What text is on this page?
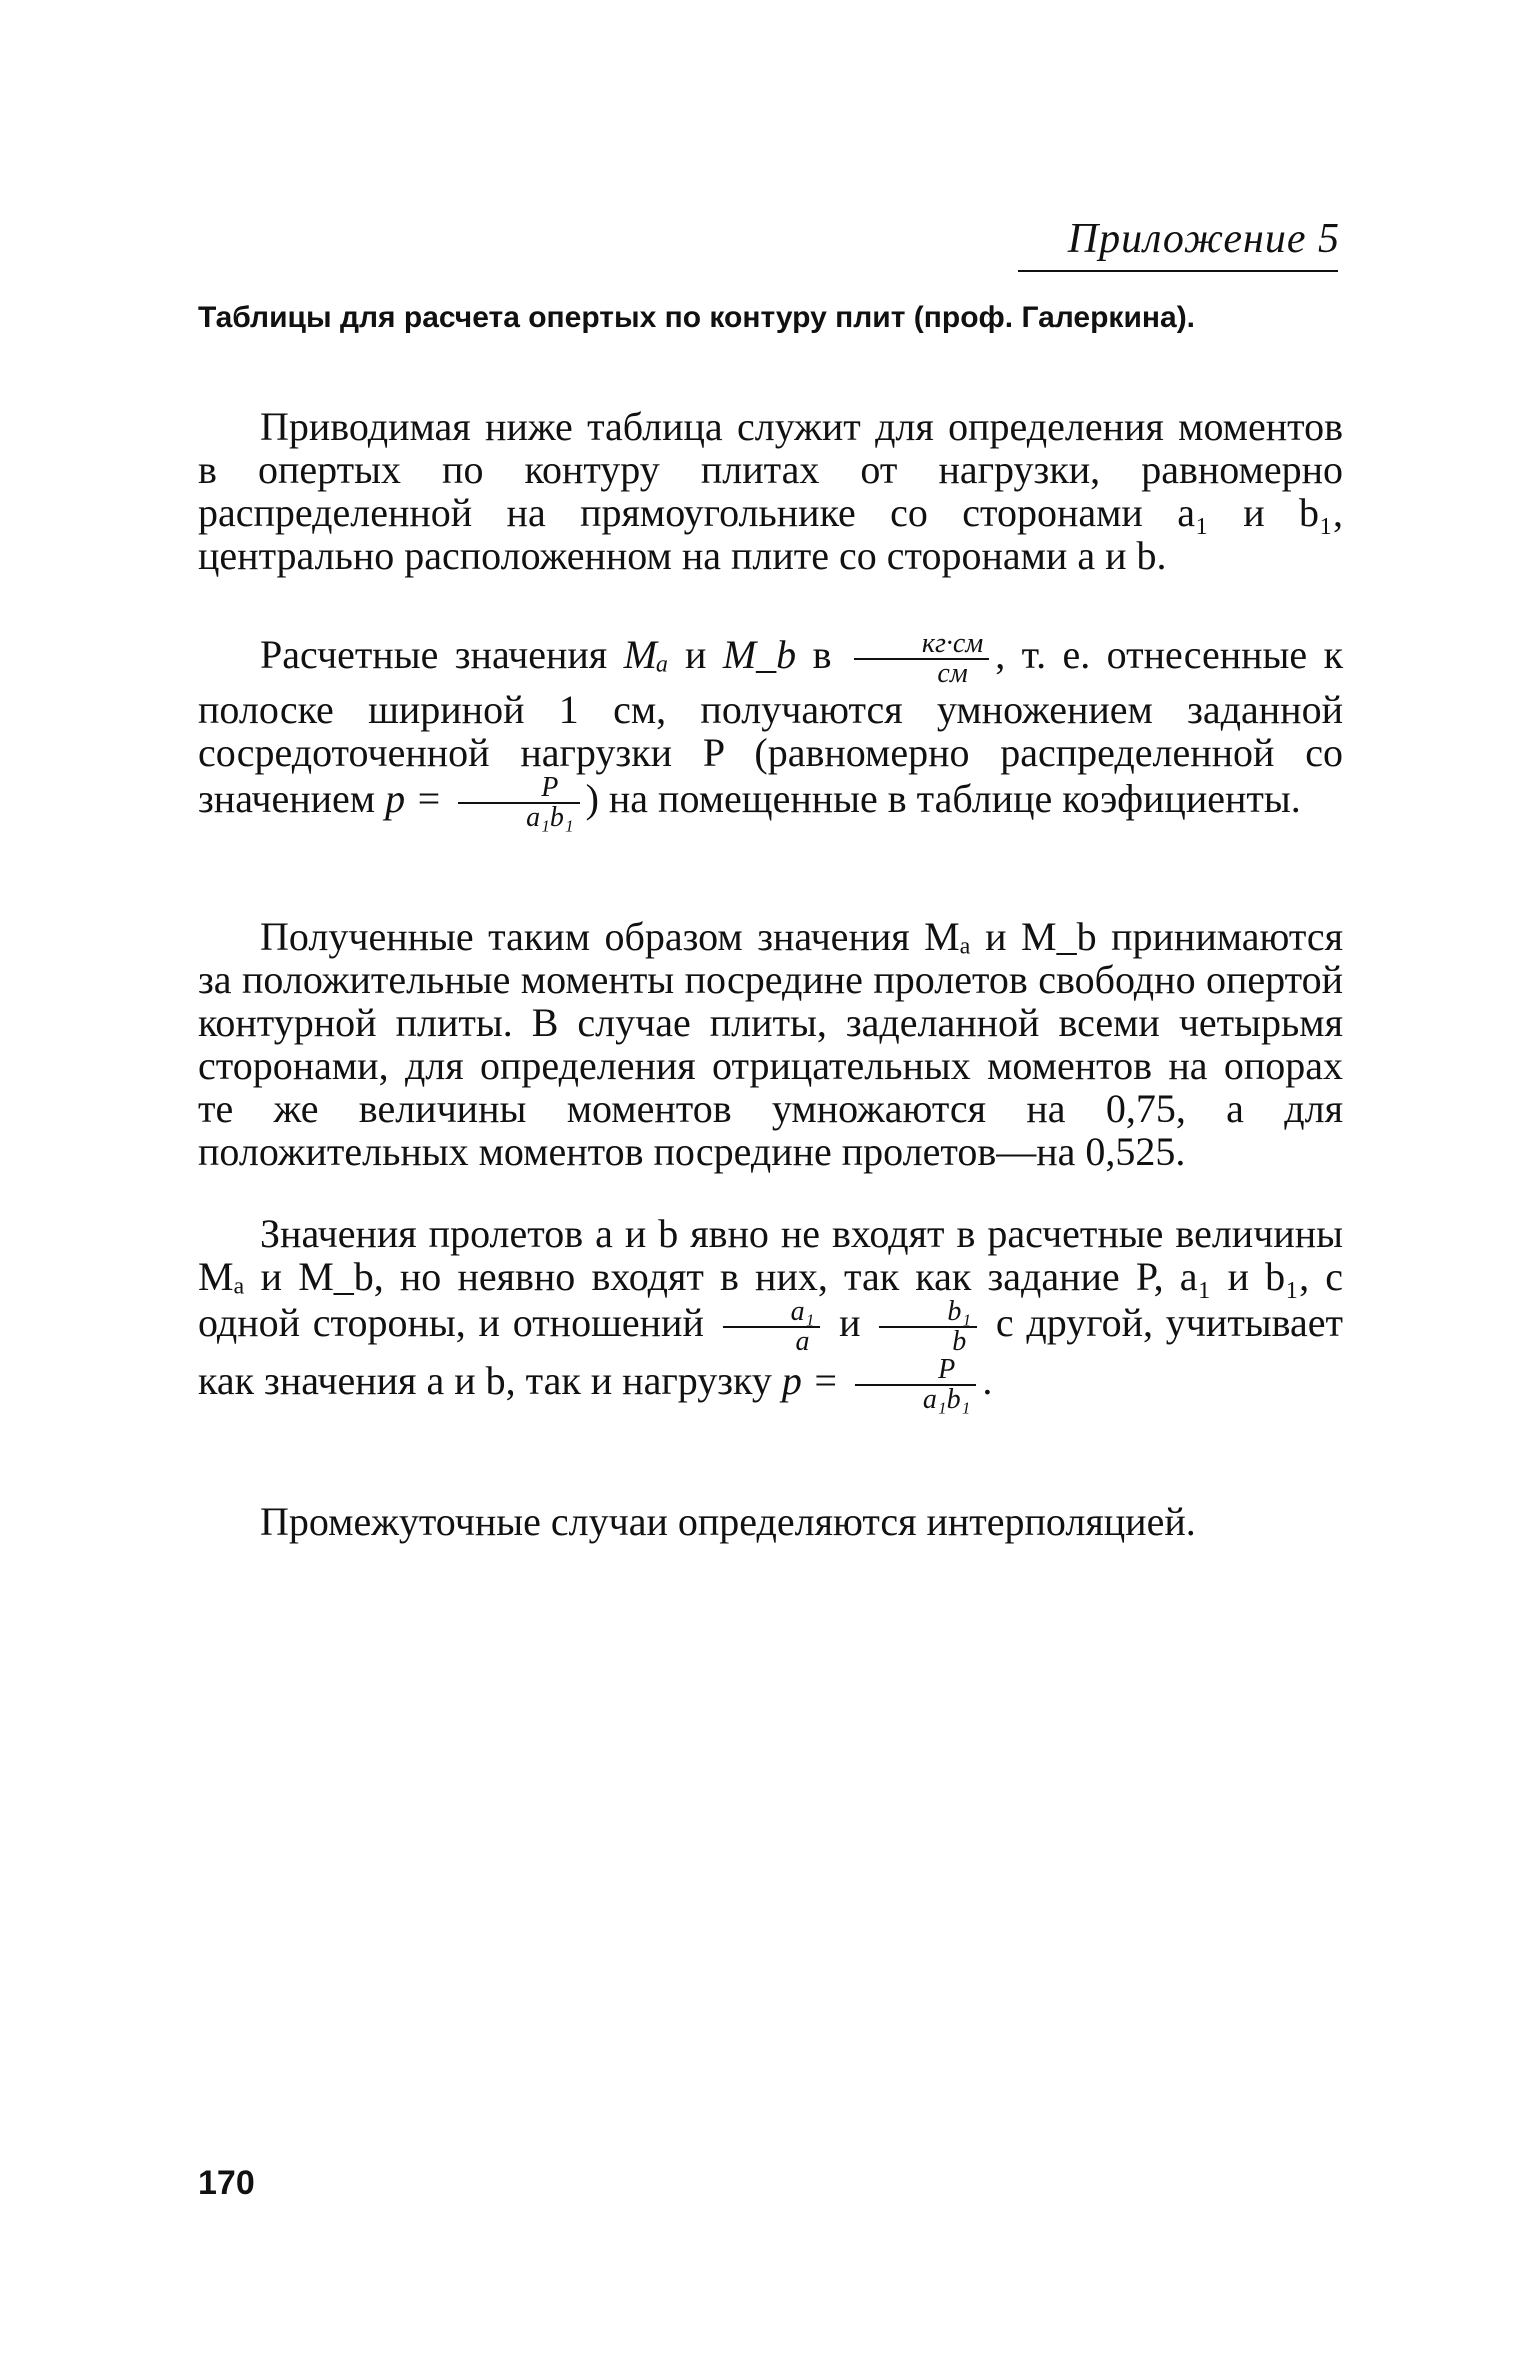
Приложение 5
Таблицы для расчета опертых по контуру плит (проф. Галеркина).
Приводимая ниже таблица служит для определения моментов в опертых по контуру плитах от нагрузки, равномерно распределенной на прямоугольнике со сторонами a₁ и b₁, центрально расположенном на плите со сторонами a и b.
Расчетные значения Mₐ и M_b в $\frac{кг\cdot см}{см}$ , т. е. отнесенные к полоске шириной 1 см, получаются умножением заданной сосредоточенной нагрузки P (равномерно распределенной со значением $p = \frac{P}{\text{a₁b₁}}$ ) на помещенные в таблице коэфициенты.
Полученные таким образом значения Mₐ и M_b принимаются за положительные моменты посредине пролетов свободно опертой контурной плиты. В случае плиты, заделанной всеми четырьмя сторонами, для определения отрицательных моментов на опорах те же величины моментов умножаются на 0,75, а для положительных моментов посредине пролетов—на 0,525.
Значения пролетов a и b явно не входят в расчетные величины Mₐ и M_b, но неявно входят в них, так как задание P, a₁ и b₁, с одной стороны, и отношений $\frac{\text{a₁}}{a}$ и $\frac{\text{b₁}}{b}$ с другой, учитывает как значения a и b, так и нагрузку $p = \frac{P}{\text{a₁b₁}}$ .
Промежуточные случаи определяются интерполяцией.
170
